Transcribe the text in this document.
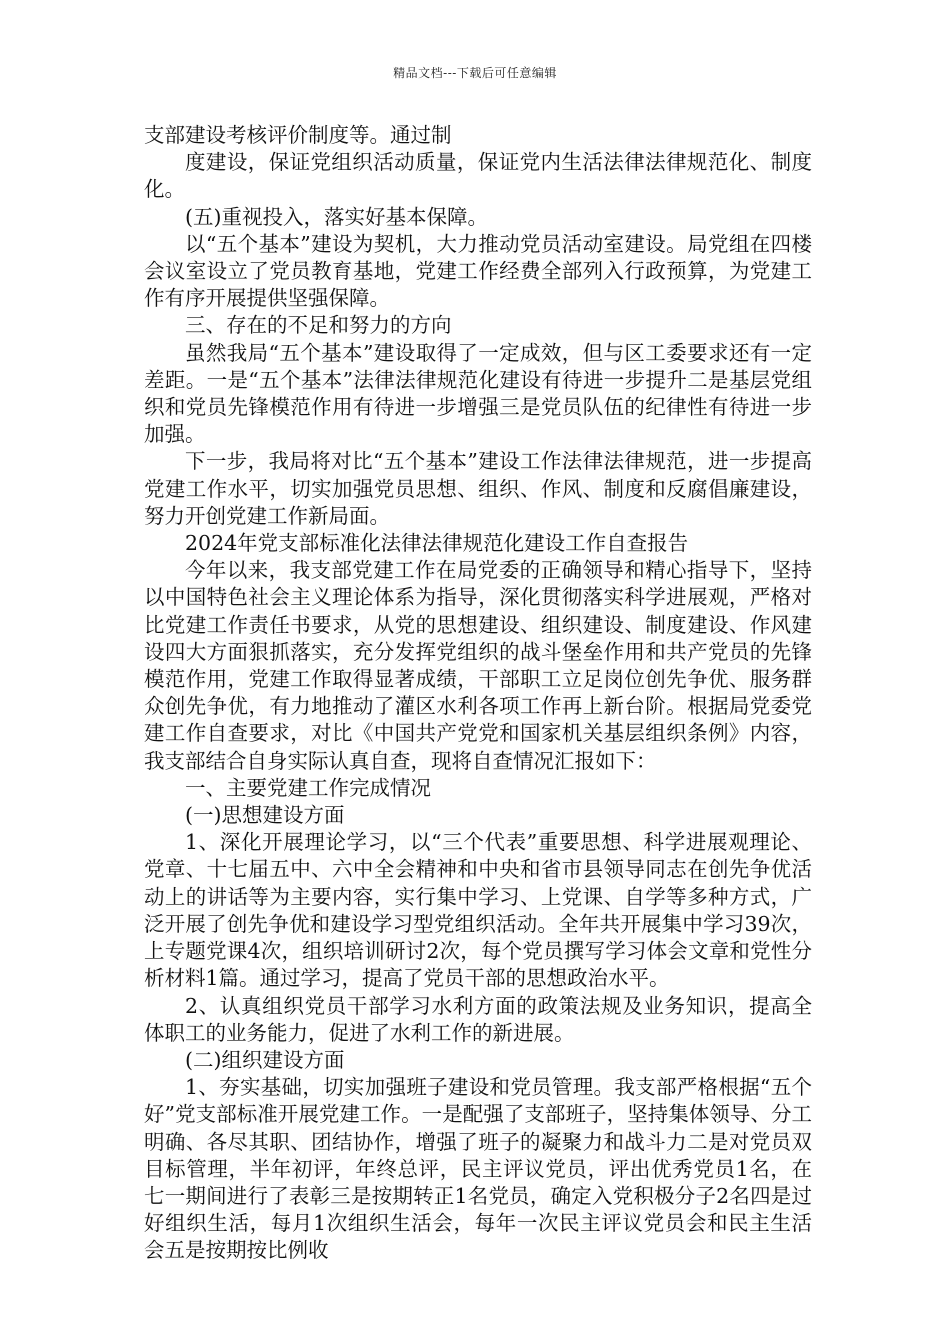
精品文档---下载后可任意编辑

支部建设考核评价制度等。通过制

度建设，保证党组织活动质量，保证党内生活法律法律规范化、制度化。

(五)重视投入，落实好基本保障。

以“五个基本”建设为契机，大力推动党员活动室建设。局党组在四楼会议室设立了党员教育基地，党建工作经费全部列入行政预算，为党建工作有序开展提供坚强保障。

三、存在的不足和努力的方向

虽然我局“五个基本”建设取得了一定成效，但与区工委要求还有一定差距。一是“五个基本”法律法律规范化建设有待进一步提升二是基层党组织和党员先锋模范作用有待进一步增强三是党员队伍的纪律性有待进一步加强。

下一步，我局将对比“五个基本”建设工作法律法律规范，进一步提高党建工作水平，切实加强党员思想、组织、作风、制度和反腐倡廉建设，努力开创党建工作新局面。

2024年党支部标准化法律法律规范化建设工作自查报告

今年以来，我支部党建工作在局党委的正确领导和精心指导下，坚持以中国特色社会主义理论体系为指导，深化贯彻落实科学进展观，严格对比党建工作责任书要求，从党的思想建设、组织建设、制度建设、作风建设四大方面狠抓落实，充分发挥党组织的战斗堡垒作用和共产党员的先锋模范作用，党建工作取得显著成绩，干部职工立足岗位创先争优、服务群众创先争优，有力地推动了灌区水利各项工作再上新台阶。根据局党委党建工作自查要求，对比《中国共产党党和国家机关基层组织条例》内容，我支部结合自身实际认真自查，现将自查情况汇报如下：

一、主要党建工作完成情况

(一)思想建设方面

1、深化开展理论学习，以“三个代表”重要思想、科学进展观理论、党章、十七届五中、六中全会精神和中央和省市县领导同志在创先争优活动上的讲话等为主要内容，实行集中学习、上党课、自学等多种方式，广泛开展了创先争优和建设学习型党组织活动。全年共开展集中学习39次，上专题党课4次，组织培训研讨2次，每个党员撰写学习体会文章和党性分析材料1篇。通过学习，提高了党员干部的思想政治水平。

2、认真组织党员干部学习水利方面的政策法规及业务知识，提高全体职工的业务能力，促进了水利工作的新进展。

(二)组织建设方面

1、夯实基础，切实加强班子建设和党员管理。我支部严格根据“五个好”党支部标准开展党建工作。一是配强了支部班子，坚持集体领导、分工明确、各尽其职、团结协作，增强了班子的凝聚力和战斗力二是对党员双目标管理，半年初评，年终总评，民主评议党员，评出优秀党员1名，在七一期间进行了表彰三是按期转正1名党员，确定入党积极分子2名四是过好组织生活，每月1次组织生活会，每年一次民主评议党员会和民主生活会五是按期按比例收
